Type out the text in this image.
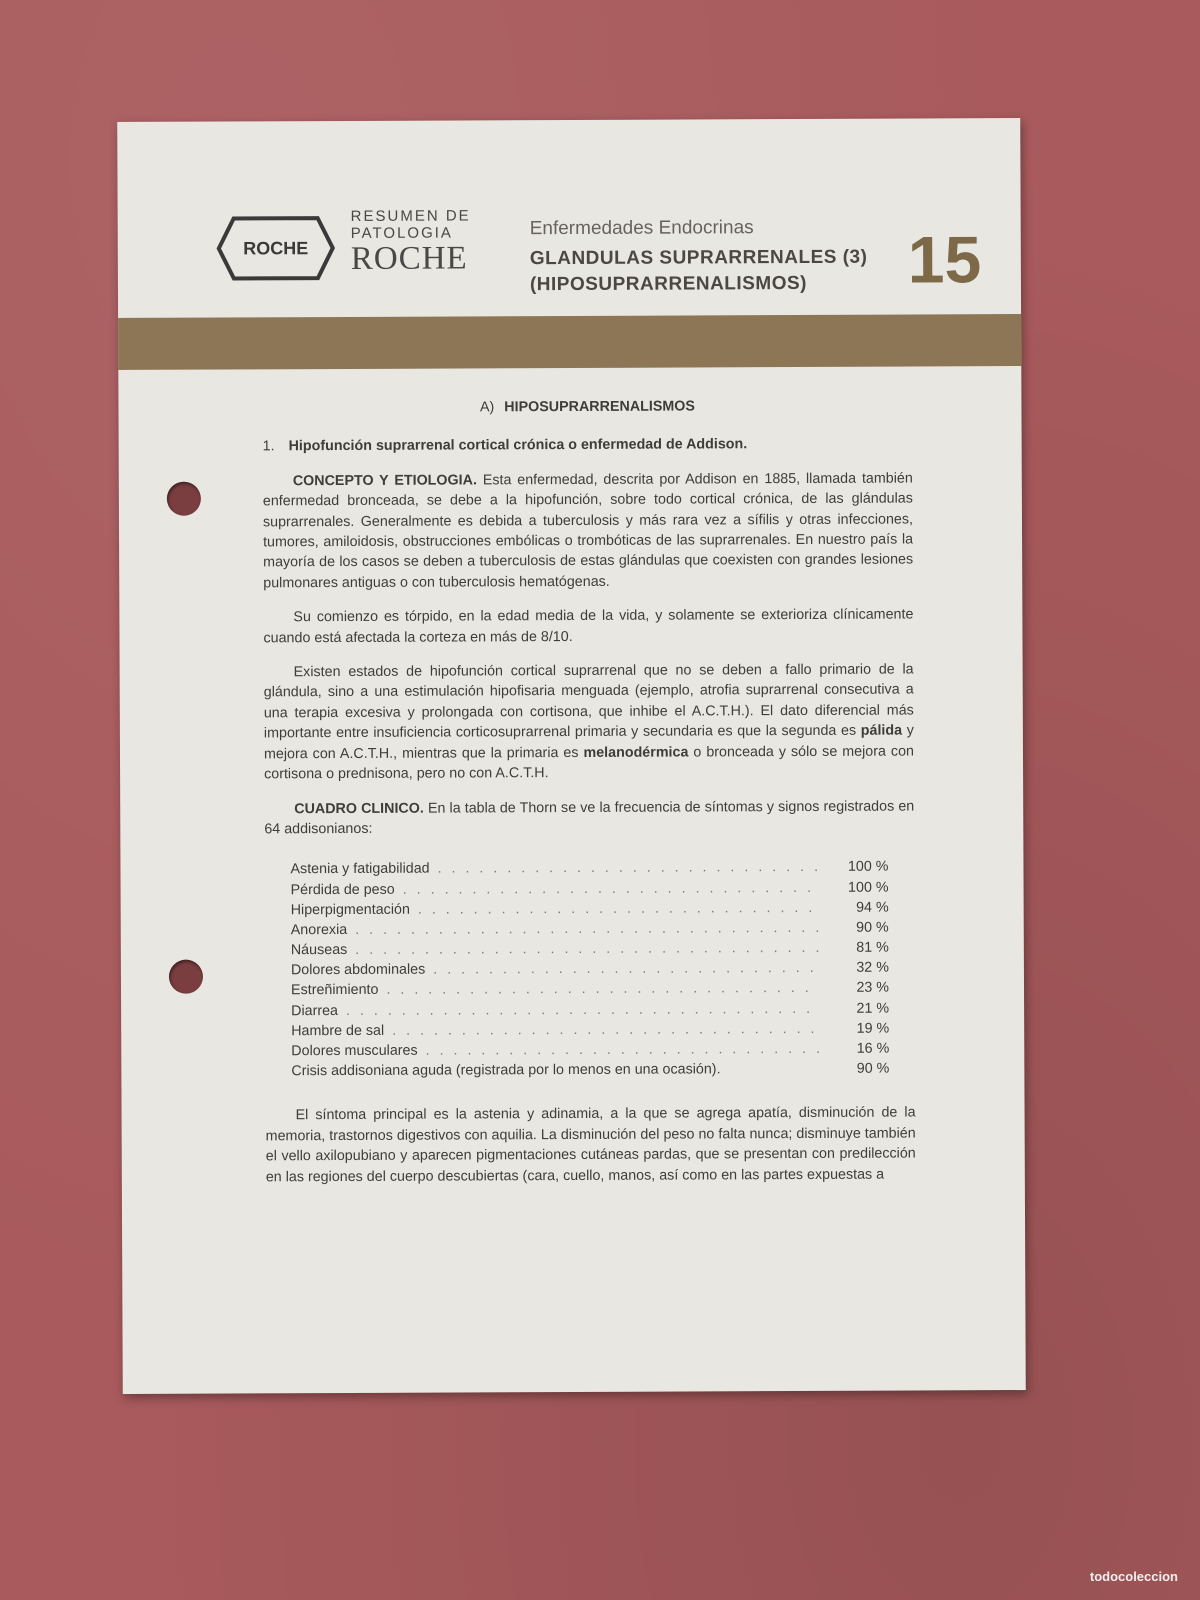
ROCHE
RESUMEN DE
PATOLOGIA
ROCHE
Enfermedades Endocrinas
GLANDULAS SUPRARRENALES (3)
(HIPOSUPRARRENALISMOS) 15
A) HIPOSUPRARRENALISMOS
1. Hipofunción suprarrenal cortical crónica o enfermedad de Addison.

CONCEPTO Y ETIOLOGIA. Esta enfermedad, descrita por Addison en 1885, llamada también enfermedad bronceada, se debe a la hipofunción, sobre todo cortical crónica, de las glándulas suprarrenales. Generalmente es debida a tuberculosis y más rara vez a sífilis y otras infecciones, tumores, amiloidosis, obstrucciones embólicas o trombóticas de las suprarrenales. En nuestro país la mayoría de los casos se deben a tuberculosis de estas glándulas que coexisten con grandes lesiones pulmonares antiguas o con tuberculosis hematógenas.

Su comienzo es tórpido, en la edad media de la vida, y solamente se exterioriza clínicamente cuando está afectada la corteza en más de 8/10.

Existen estados de hipofunción cortical suprarrenal que no se deben a fallo primario de la glándula, sino a una estimulación hipofisaria menguada (ejemplo, atrofia suprarrenal consecutiva a una terapia excesiva y prolongada con cortisona, que inhibe el A.C.T.H.). El dato diferencial más importante entre insuficiencia corticosuprarrenal primaria y secundaria es que la segunda es pálida y mejora con A.C.T.H., mientras que la primaria es melanodérmica o bronceada y sólo se mejora con cortisona o prednisona, pero no con A.C.T.H.

CUADRO CLINICO. En la tabla de Thorn se ve la frecuencia de síntomas y signos registrados en 64 addisonianos:

Astenia y fatigabilidad . . .	100 %
Pérdida de peso . . .	100 %
Hiperpigmentación . . .	94 %
Anorexia . . .	90 %
Náuseas . . .	81 %
Dolores abdominales . . .	32 %
Estreñimiento . . .	23 %
Diarrea . . .	21 %
Hambre de sal . . .	19 %
Dolores musculares . . .	16 %
Crisis addisoniana aguda (registrada por lo menos en una ocasión).	90 %

El síntoma principal es la astenia y adinamia, a la que se agrega apatía, disminución de la memoria, trastornos digestivos con aquilia. La disminución del peso no falta nunca; disminuye también el vello axilopubiano y aparecen pigmentaciones cutáneas pardas, que se presentan con predilección en las regiones del cuerpo descubiertas (cara, cuello, manos, así como en las partes expuestas a

todocoleccion
